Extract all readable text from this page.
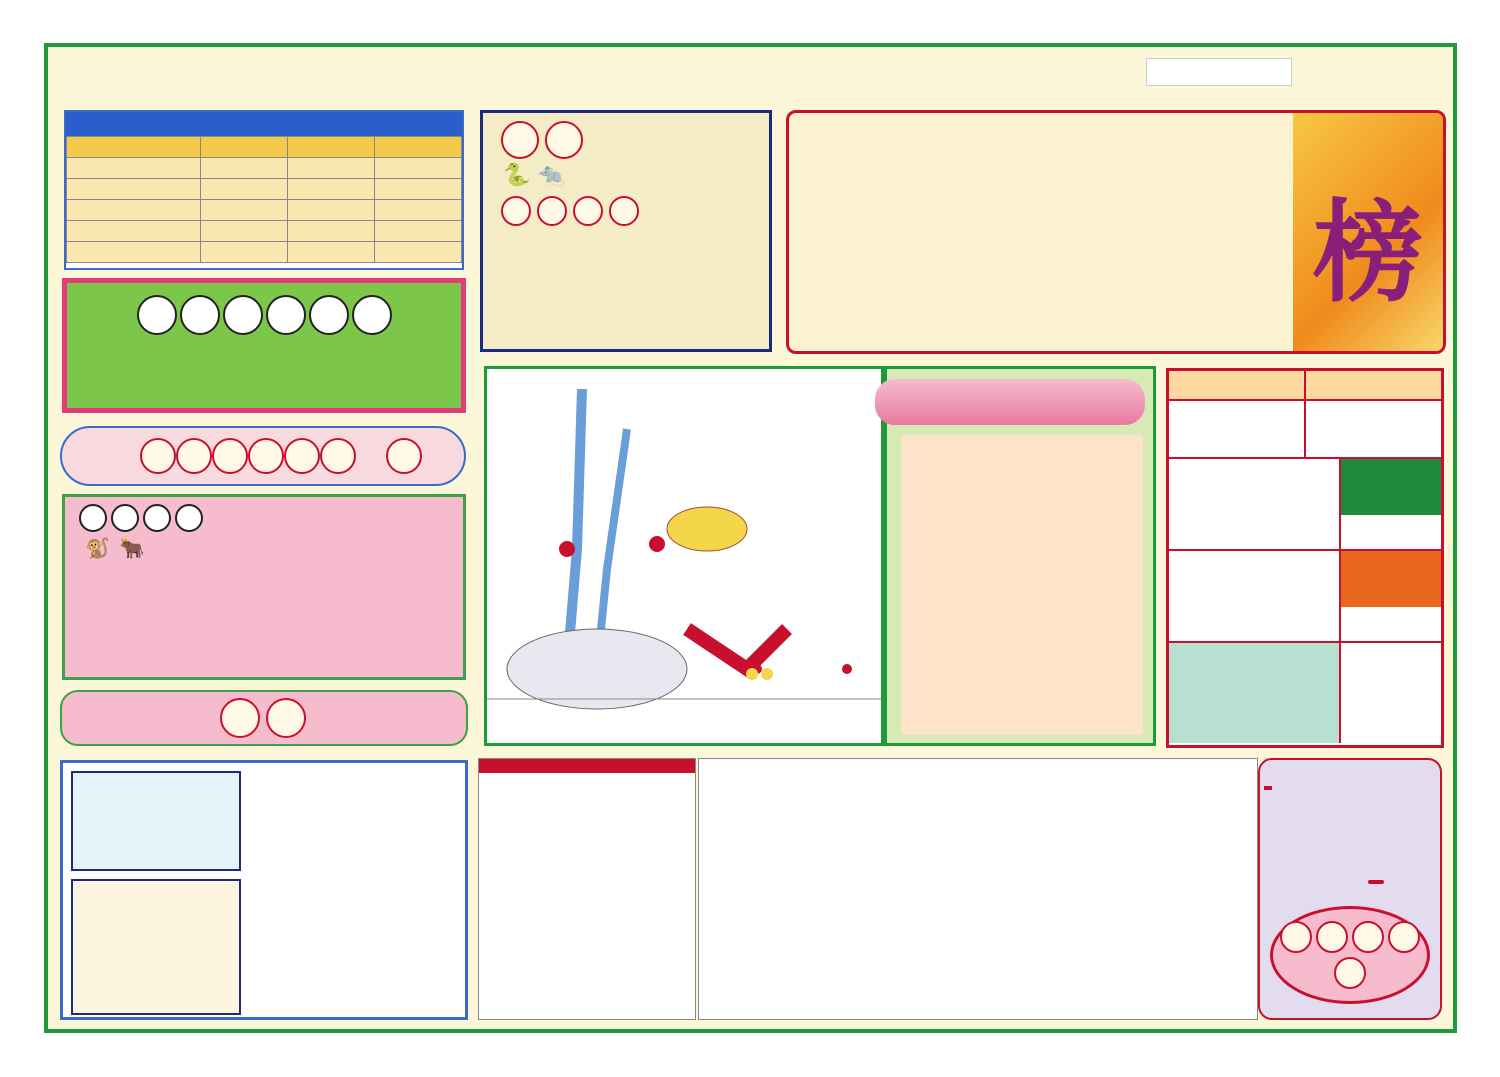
🐍 🐀
榜
🐒 🐂
